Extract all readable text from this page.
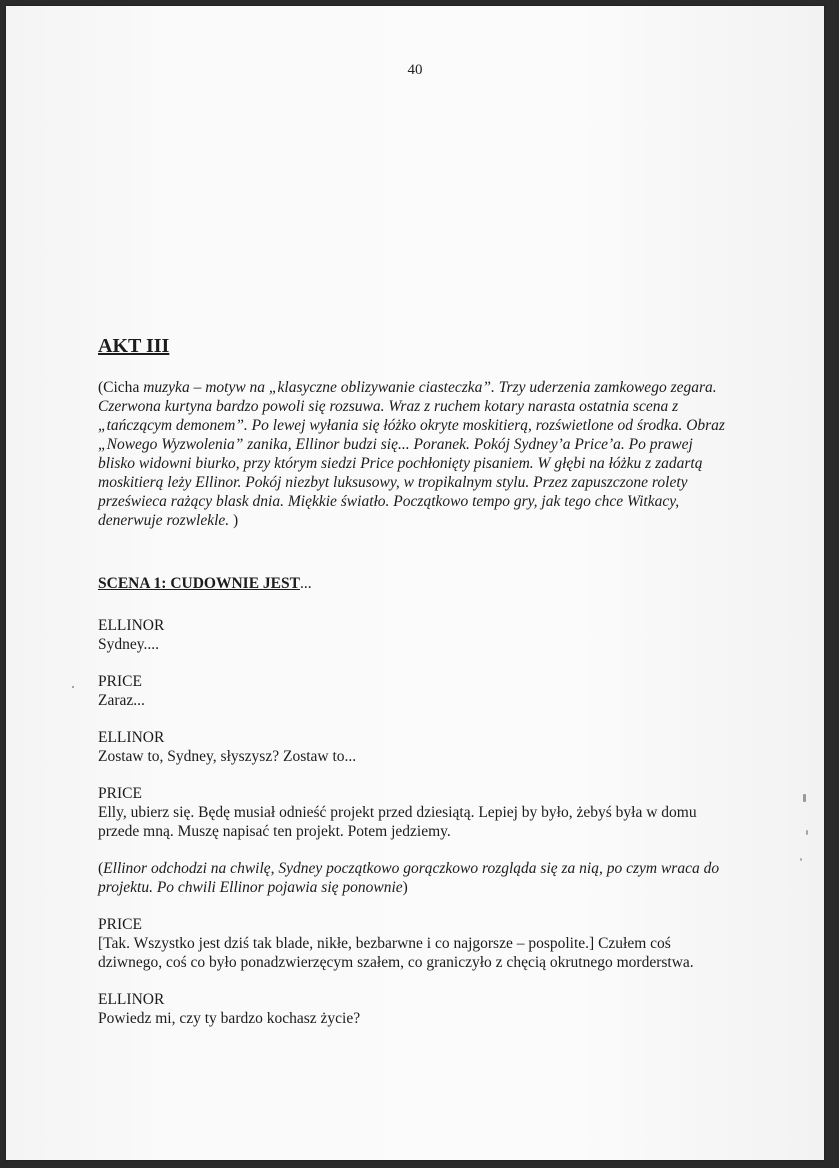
40
AKT III

(Cicha muzyka – motyw na „klasyczne oblizywanie ciasteczka”. Trzy uderzenia zamkowego zegara. Czerwona kurtyna bardzo powoli się rozsuwa. Wraz z ruchem kotary narasta ostatnia scena z „tańczącym demonem”. Po lewej wyłania się łóżko okryte moskitierą, rozświetlone od środka. Obraz „Nowego Wyzwolenia” zanika, Ellinor budzi się... Poranek. Pokój Sydney’a Price’a. Po prawej blisko widowni biurko, przy którym siedzi Price pochłonięty pisaniem. W głębi na łóżku z zadartą moskitierą leży Ellinor. Pokój niezbyt luksusowy, w tropikalnym stylu. Przez zapuszczone rolety prześwieca rażący blask dnia. Miękkie światło. Początkowo tempo gry, jak tego chce Witkacy, denerwuje rozwlekle. )

SCENA 1: CUDOWNIE JEST...

ELLINOR
Sydney....
PRICE
Zaraz...
ELLINOR
Zostaw to, Sydney, słyszysz? Zostaw to...
PRICE
Elly, ubierz się. Będę musiał odnieść projekt przed dziesiątą. Lepiej by było, żebyś była w domu przede mną. Muszę napisać ten projekt. Potem jedziemy.

(Ellinor odchodzi na chwilę, Sydney początkowo gorączkowo rozgląda się za nią, po czym wraca do projektu. Po chwili Ellinor pojawia się ponownie)

PRICE
[Tak. Wszystko jest dziś tak blade, nikłe, bezbarwne i co najgorsze – pospolite.] Czułem coś dziwnego, coś co było ponadzwierzęcym szałem, co graniczyło z chęcią okrutnego morderstwa.
ELLINOR
Powiedz mi, czy ty bardzo kochasz życie?
